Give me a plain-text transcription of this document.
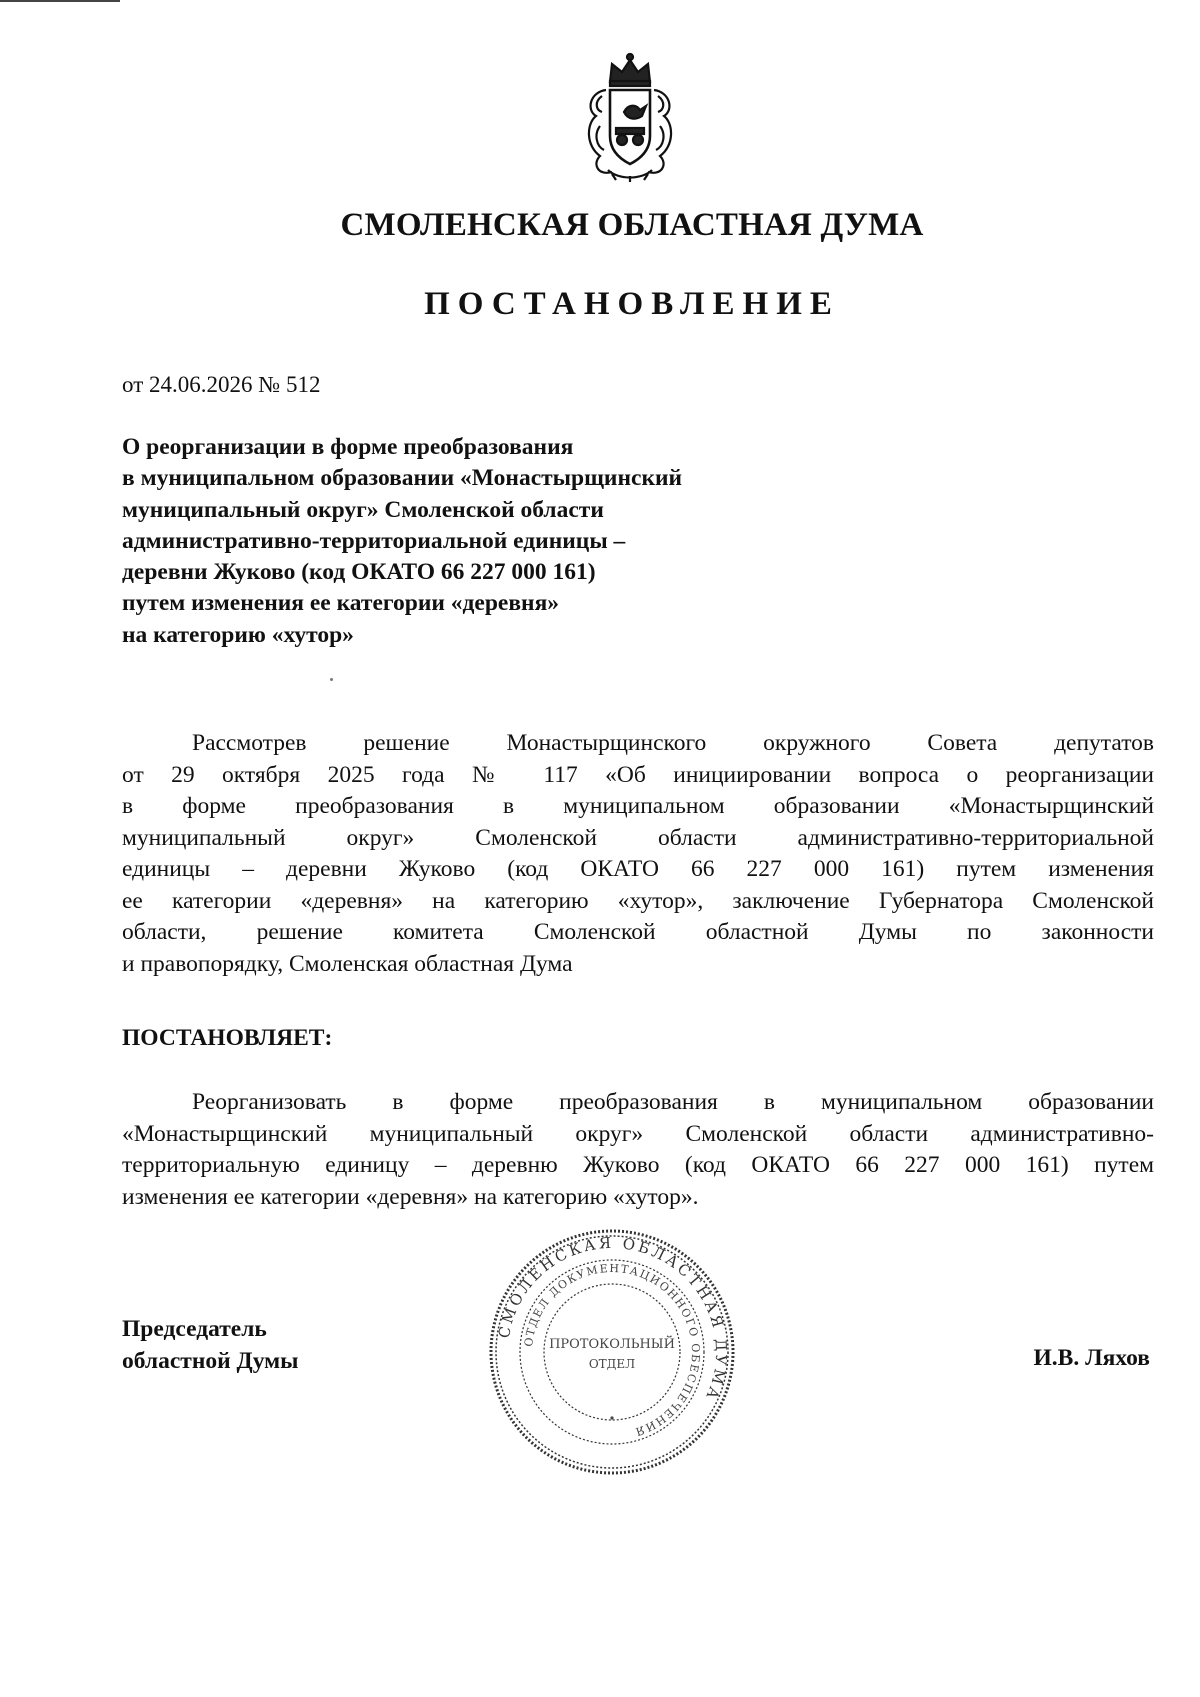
СМОЛЕНСКАЯ ОБЛАСТНАЯ ДУМА
ПОСТАНОВЛЕНИЕ
от 24.06.2026 № 512
О реорганизации в форме преобразования
в муниципальном образовании «Монастырщинский
муниципальный округ» Смоленской области
административно-территориальной единицы –
деревни Жуково (код ОКАТО 66 227 000 161)
путем изменения ее категории «деревня»
на категорию «хутор»
Рассмотрев решение Монастырщинского окружного Совета депутатов
от 29 октября 2025 года № 117 «Об инициировании вопроса о реорганизации
в форме преобразования в муниципальном образовании «Монастырщинский
муниципальный округ» Смоленской области административно-территориальной
единицы – деревни Жуково (код ОКАТО 66 227 000 161) путем изменения
ее категории «деревня» на категорию «хутор», заключение Губернатора Смоленской
области, решение комитета Смоленской областной Думы по законности
и правопорядку, Смоленская областная Дума
ПОСТАНОВЛЯЕТ:
Реорганизовать в форме преобразования в муниципальном образовании
«Монастырщинский муниципальный округ» Смоленской области административно-
территориальную единицу – деревню Жуково (код ОКАТО 66 227 000 161) путем
изменения ее категории «деревня» на категорию «хутор».
Председатель
областной Думы
СМОЛЕНСКАЯ ОБЛАСТНАЯ ДУМА
ОТДЕЛ ДОКУМЕНТАЦИОННОГО ОБЕСПЕЧЕНИЯ
ПРОТОКОЛЬНЫЙ
ОТДЕЛ	И.В. Ляхов
